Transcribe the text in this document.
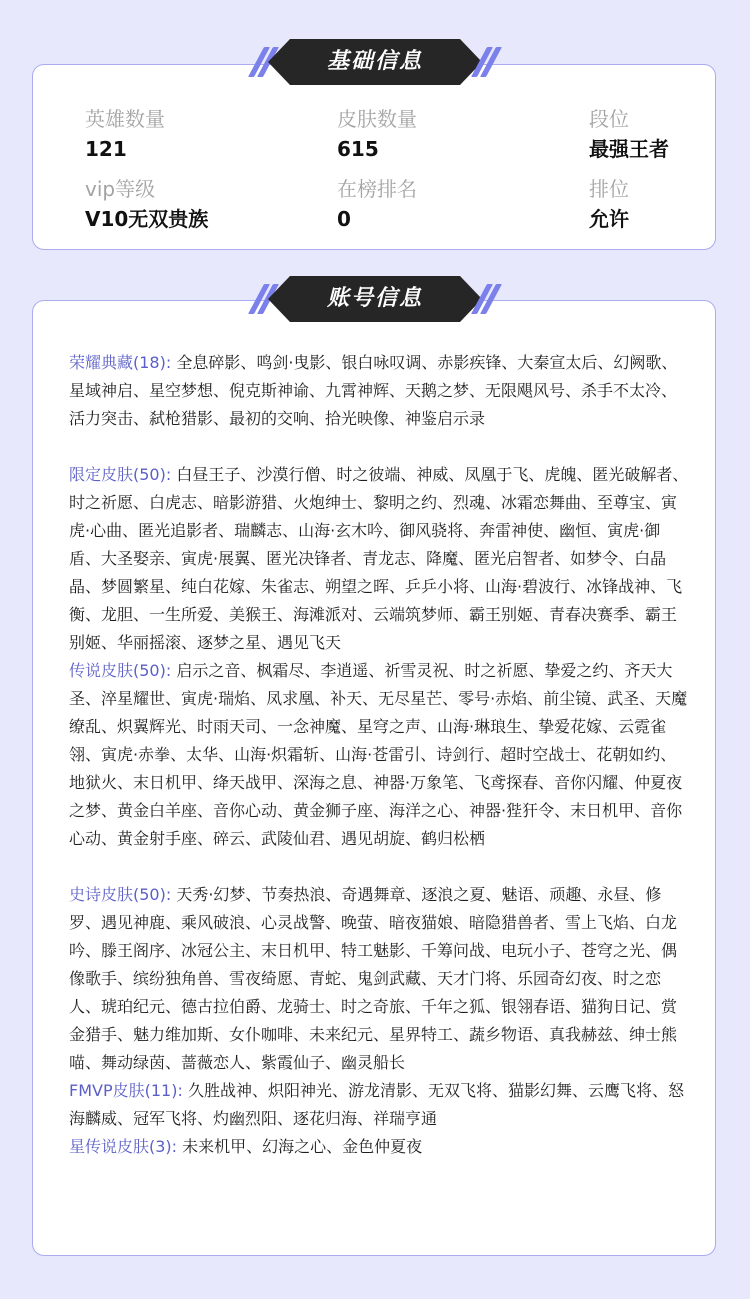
英雄数量
121
皮肤数量
615
段位
最强王者
vip等级
V10无双贵族
在榜排名
0
排位
允许
基础信息

荣耀典藏(18): 全息碎影、鸣剑·曳影、银白咏叹调、赤影疾锋、大秦宣太后、幻阙歌、星域神启、星空梦想、倪克斯神谕、九霄神辉、天鹅之梦、无限飓风号、杀手不太冷、活力突击、弑枪猎影、最初的交响、拾光映像、神鉴启示录

限定皮肤(50): 白昼王子、沙漠行僧、时之彼端、神威、凤凰于飞、虎魄、匿光破解者、时之祈愿、白虎志、暗影游猎、火炮绅士、黎明之约、烈魂、冰霜恋舞曲、至尊宝、寅虎·心曲、匿光追影者、瑞麟志、山海·玄木吟、御风骁将、奔雷神使、幽恒、寅虎·御盾、大圣娶亲、寅虎·展翼、匿光决锋者、青龙志、降魔、匿光启智者、如梦令、白晶晶、梦圆繁星、纯白花嫁、朱雀志、朔望之晖、乒乒小将、山海·碧波行、冰锋战神、飞衡、龙胆、一生所爱、美猴王、海滩派对、云端筑梦师、霸王别姬、青春决赛季、霸王别姬、华丽摇滚、逐梦之星、遇见飞天

传说皮肤(50): 启示之音、枫霜尽、李逍遥、祈雪灵祝、时之祈愿、挚爱之约、齐天大圣、淬星耀世、寅虎·瑞焰、凤求凰、补天、无尽星芒、零号·赤焰、前尘镜、武圣、天魔缭乱、炽翼辉光、时雨天司、一念神魔、星穹之声、山海·琳琅生、挚爱花嫁、云霓雀翎、寅虎·赤拳、太华、山海·炽霜斩、山海·苍雷引、诗剑行、超时空战士、花朝如约、地狱火、末日机甲、绛天战甲、深海之息、神器·万象笔、飞鸢探春、音你闪耀、仲夏夜之梦、黄金白羊座、音你心动、黄金狮子座、海洋之心、神器·狴犴令、末日机甲、音你心动、黄金射手座、碎云、武陵仙君、遇见胡旋、鹤归松栖

史诗皮肤(50): 天秀·幻梦、节奏热浪、奇遇舞章、逐浪之夏、魅语、顽趣、永昼、修罗、遇见神鹿、乘风破浪、心灵战警、晚萤、暗夜猫娘、暗隐猎兽者、雪上飞焰、白龙吟、滕王阁序、冰冠公主、末日机甲、特工魅影、千筹问战、电玩小子、苍穹之光、偶像歌手、缤纷独角兽、雪夜绮愿、青蛇、鬼剑武藏、天才门将、乐园奇幻夜、时之恋人、琥珀纪元、德古拉伯爵、龙骑士、时之奇旅、千年之狐、银翎春语、猫狗日记、赏金猎手、魅力维加斯、女仆咖啡、未来纪元、星界特工、蔬乡物语、真我赫兹、绅士熊喵、舞动绿茵、蔷薇恋人、紫霞仙子、幽灵船长

FMVP皮肤(11): 久胜战神、炽阳神光、游龙清影、无双飞将、猫影幻舞、云鹰飞将、怒海麟威、冠军飞将、灼幽烈阳、逐花归海、祥瑞亨通

星传说皮肤(3): 未来机甲、幻海之心、金色仲夏夜

账号信息
